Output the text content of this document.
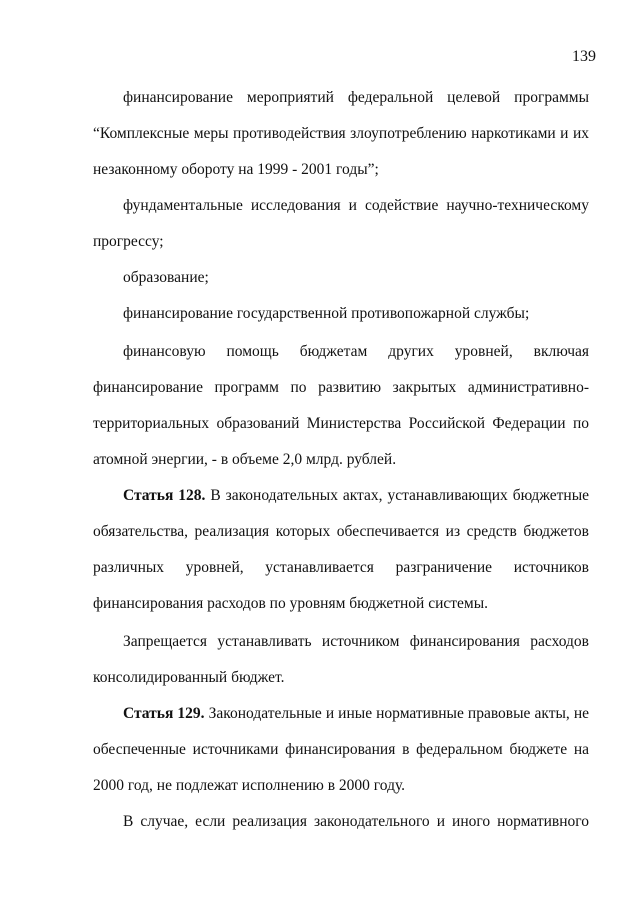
139
финансирование мероприятий федеральной целевой программы
“Комплексные меры противодействия злоупотреблению наркотиками и их
незаконному обороту на 1999 - 2001 годы”;
фундаментальные исследования и содействие научно-техническому
прогрессу;
образование;
финансирование государственной противопожарной службы;
финансовую помощь бюджетам других уровней, включая
финансирование программ по развитию закрытых административно-
территориальных образований Министерства Российской Федерации по
атомной энергии, - в объеме 2,0 млрд. рублей.
Статья 128. В законодательных актах, устанавливающих бюджетные
обязательства, реализация которых обеспечивается из средств бюджетов
различных уровней, устанавливается разграничение источников
финансирования расходов по уровням бюджетной системы.
Запрещается устанавливать источником финансирования расходов
консолидированный бюджет.
Статья 129. Законодательные и иные нормативные правовые акты, не
обеспеченные источниками финансирования в федеральном бюджете на
2000 год, не подлежат исполнению в 2000 году.
В случае, если реализация законодательного и иного нормативного
